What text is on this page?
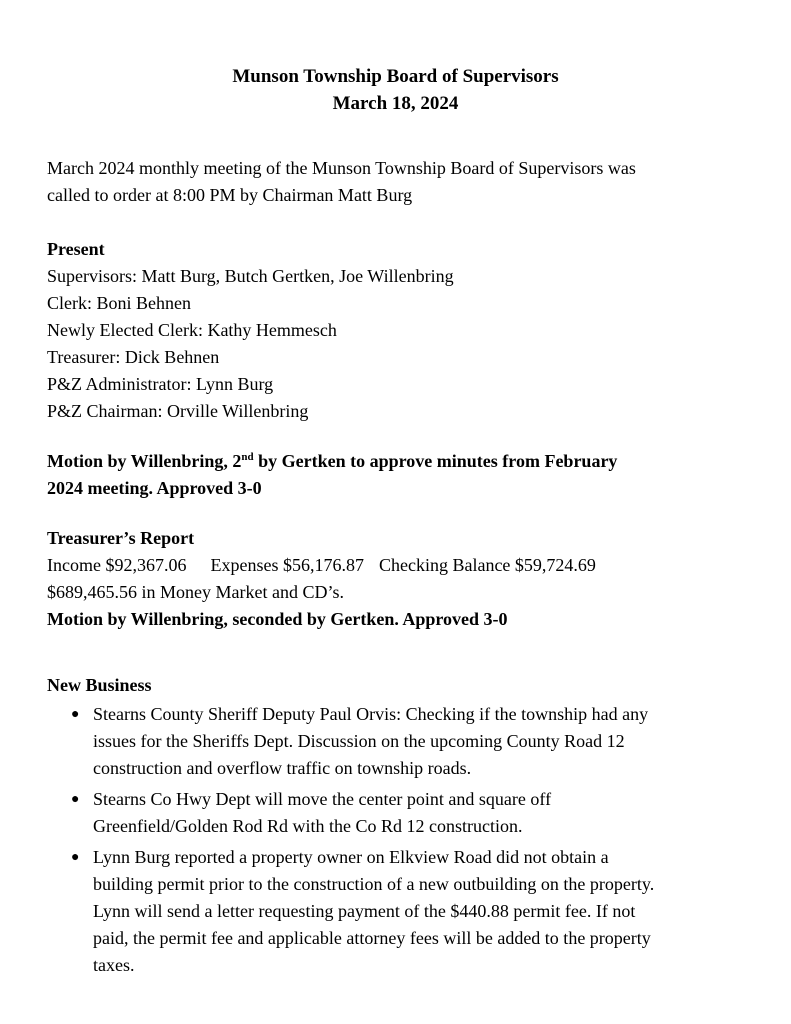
Munson Township Board of Supervisors
March 18, 2024
March 2024 monthly meeting of the Munson Township Board of Supervisors was
called to order at 8:00 PM by Chairman Matt Burg
Present
Supervisors: Matt Burg, Butch Gertken, Joe Willenbring
Clerk: Boni Behnen
Newly Elected Clerk: Kathy Hemmesch
Treasurer: Dick Behnen
P&Z Administrator: Lynn Burg
P&Z Chairman: Orville Willenbring
Motion by Willenbring, 2nd by Gertken to approve minutes from February
2024 meeting. Approved 3-0
Treasurer’s Report
Income $92,367.06 Expenses $56,176.87 Checking Balance $59,724.69
$689,465.56 in Money Market and CD’s.
Motion by Willenbring, seconded by Gertken. Approved 3-0
New Business
● Stearns County Sheriff Deputy Paul Orvis: Checking if the township had any
issues for the Sheriffs Dept. Discussion on the upcoming County Road 12
construction and overflow traffic on township roads.
● Stearns Co Hwy Dept will move the center point and square off
Greenfield/Golden Rod Rd with the Co Rd 12 construction.
● Lynn Burg reported a property owner on Elkview Road did not obtain a
building permit prior to the construction of a new outbuilding on the property.
Lynn will send a letter requesting payment of the $440.88 permit fee. If not
paid, the permit fee and applicable attorney fees will be added to the property
taxes.
